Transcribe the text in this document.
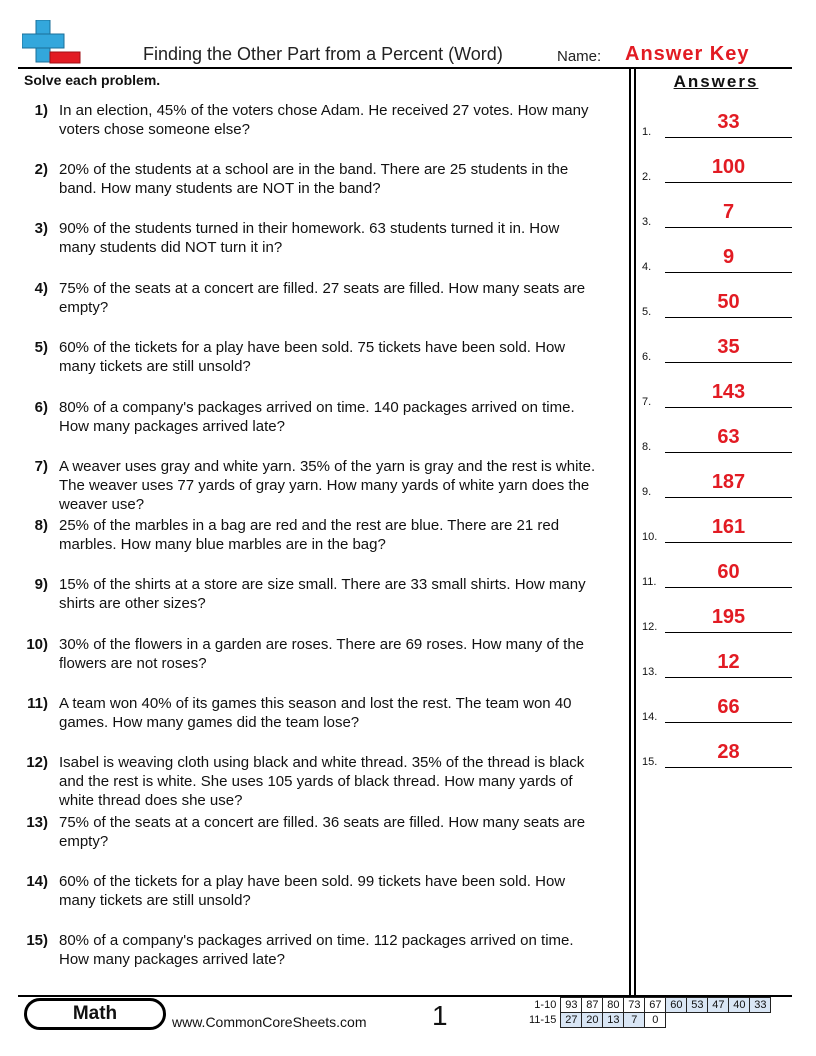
Finding the Other Part from a Percent (Word)	Name: Answer Key
Solve each problem.	Answers
1) In an election, 45% of the voters chose Adam. He received 27 votes. How many
voters chose someone else?
2) 20% of the students at a school are in the band. There are 25 students in the
band. How many students are NOT in the band?
3) 90% of the students turned in their homework. 63 students turned it in. How
many students did NOT turn it in?
4) 75% of the seats at a concert are filled. 27 seats are filled. How many seats are
empty?
5) 60% of the tickets for a play have been sold. 75 tickets have been sold. How
many tickets are still unsold?
6) 80% of a company's packages arrived on time. 140 packages arrived on time.
How many packages arrived late?
7) A weaver uses gray and white yarn. 35% of the yarn is gray and the rest is white.
The weaver uses 77 yards of gray yarn. How many yards of white yarn does the
weaver use?
8) 25% of the marbles in a bag are red and the rest are blue. There are 21 red
marbles. How many blue marbles are in the bag?
9) 15% of the shirts at a store are size small. There are 33 small shirts. How many
shirts are other sizes?
10) 30% of the flowers in a garden are roses. There are 69 roses. How many of the
flowers are not roses?
11) A team won 40% of its games this season and lost the rest. The team won 40
games. How many games did the team lose?
12) Isabel is weaving cloth using black and white thread. 35% of the thread is black
and the rest is white. She uses 105 yards of black thread. How many yards of
white thread does she use?
13) 75% of the seats at a concert are filled. 36 seats are filled. How many seats are
empty?
14) 60% of the tickets for a play have been sold. 99 tickets have been sold. How
many tickets are still unsold?
15) 80% of a company's packages arrived on time. 112 packages arrived on time.
How many packages arrived late?
1.	33
2.	100
3.	7
4.	9
5.	50
6.	35
7.	143
8.	63
9.	187
10.	161
11.	60
12.	195
13.	12
14.	66
15.	28
Math	www.CommonCoreSheets.com 1	1-10	93	87	80	73	67	60	53	47	40	33
11-15	27	20	13	7	0					
